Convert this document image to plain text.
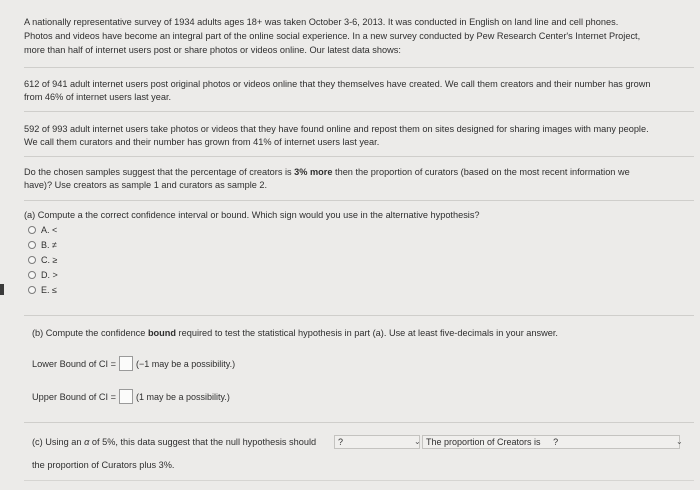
A nationally representative survey of 1934 adults ages 18+ was taken October 3-6, 2013. It was conducted in English on land line and cell phones.
Photos and videos have become an integral part of the online social experience. In a new survey conducted by Pew Research Center's Internet Project,
more than half of internet users post or share photos or videos online. Our latest data shows:
612 of 941 adult internet users post original photos or videos online that they themselves have created. We call them creators and their number has grown
from 46% of internet users last year.
592 of 993 adult internet users take photos or videos that they have found online and repost them on sites designed for sharing images with many people.
We call them curators and their number has grown from 41% of internet users last year.
Do the chosen samples suggest that the percentage of creators is 3% more then the proportion of curators (based on the most recent information we
have)? Use creators as sample 1 and curators as sample 2.
(a) Compute a the correct confidence interval or bound. Which sign would you use in the alternative hypothesis?
A. <
B. ≠
C. ≥
D. >
E. ≤
(b) Compute the confidence bound required to test the statistical hypothesis in part (a). Use at least five-decimals in your answer.
Lower Bound of CI = (−1 may be a possibility.)
Upper Bound of CI = (1 may be a possibility.)
(c) Using an α of 5%, this data suggest that the null hypothesis should	?	⌄ The proportion of Creators is ?	⌄
the proportion of Curators plus 3%.
